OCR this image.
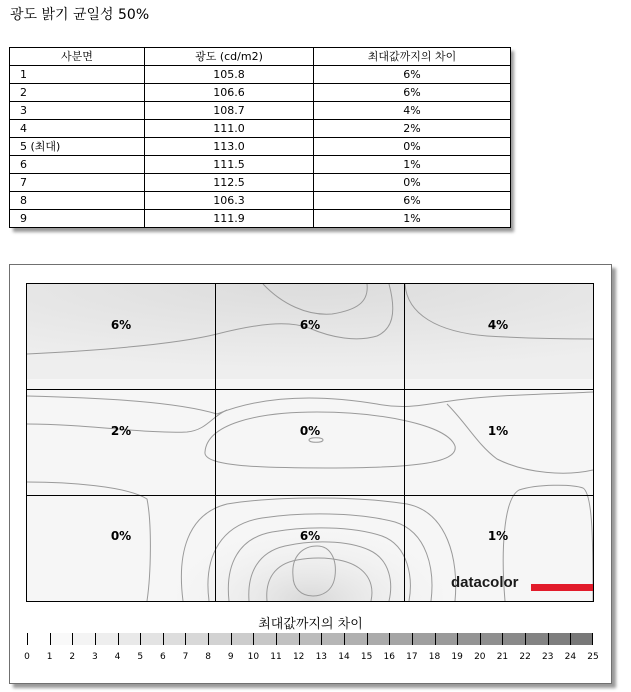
광도 밝기 균일성 50%
사분면	광도 (cd/m2)	최대값까지의 차이
1	105.8	6%
2	106.6	6%
3	108.7	4%
4	111.0	2%
5 (최대)	113.0	0%
6	111.5	1%
7	112.5	0%
8	106.3	6%
9	111.9	1%
6%	6%	4%
2%	0%	1%
0%	6%	1%
datacolor
최대값까지의 차이
0	1	2	3	4	5	6	7	8	9	10	11	12	13	14	15	16	17	18	19	20	21	22	23	24	25
